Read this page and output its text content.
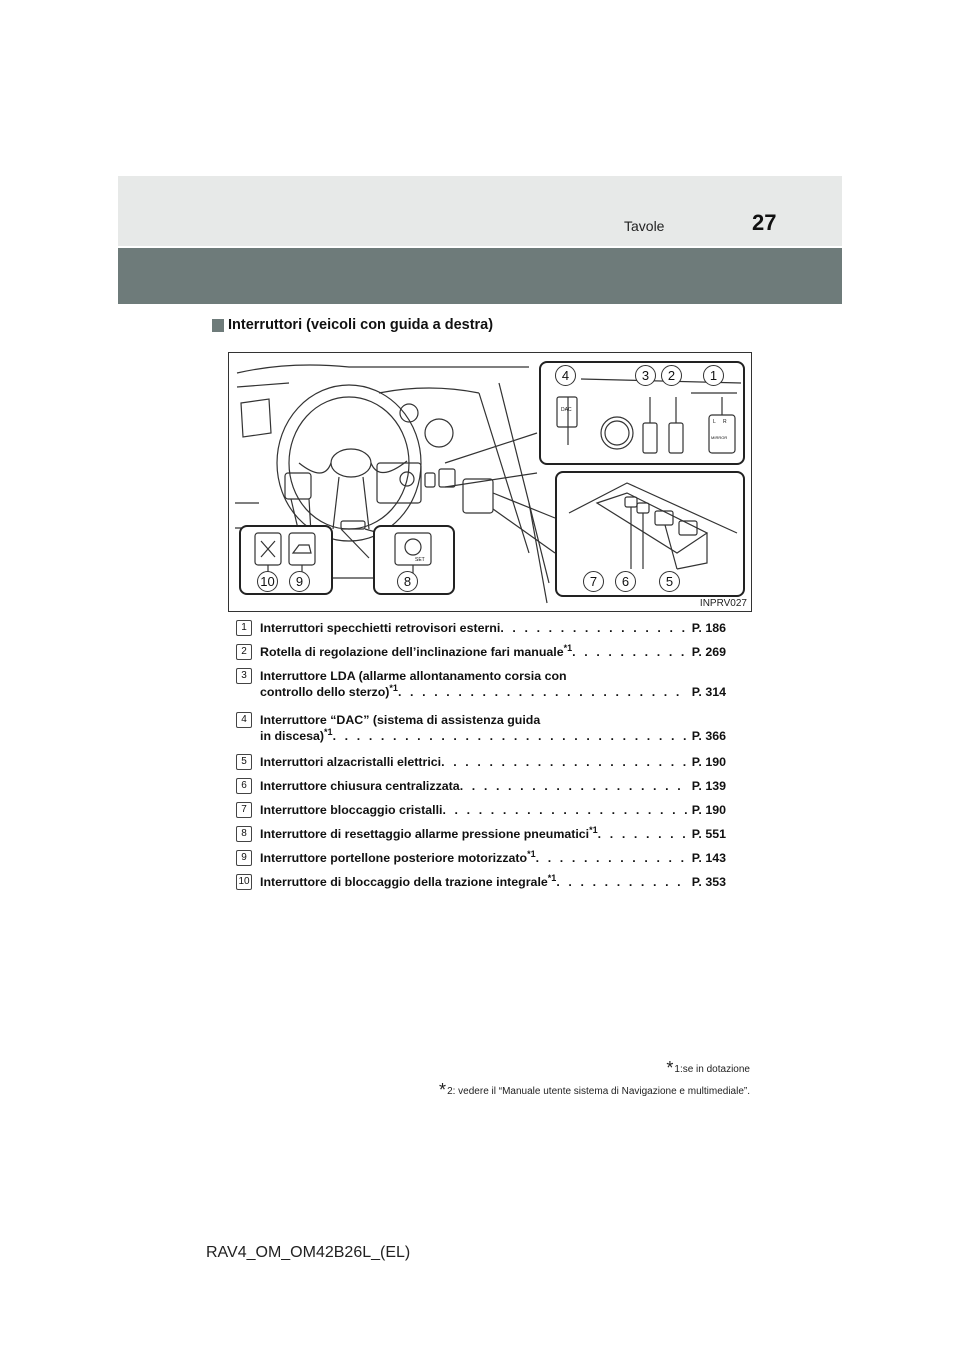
Tavole	27
Interruttori (veicoli con guida a destra)
DAC
L R
MIRROR
SET
1
2
3
4
5
6
7
8
9
10
INPRV027
1	Interruttori specchietti retrovisori esterni . . .	P. 186
2	Rotella di regolazione dell’inclinazione fari manuale$^{*1}$ . . .	P. 269
3	Interruttore LDA (allarme allontanamento corsia con
controllo dello sterzo)$^{*1}$ . . .	P. 314
4	Interruttore “DAC” (sistema di assistenza guida
in discesa)$^{*1}$ . . .	P. 366
5	Interruttori alzacristalli elettrici . . .	P. 190
6	Interruttore chiusura centralizzata . . .	P. 139
7	Interruttore bloccaggio cristalli . . .	P. 190
8	Interruttore di resettaggio allarme pressione pneumatici$^{*1}$ . . .	P. 551
9	Interruttore portellone posteriore motorizzato$^{*1}$ . . .	P. 143
10 Interruttore di bloccaggio della trazione integrale$^{*1}$ . . .	P. 353
*1:se in dotazione
*2: vedere il “Manuale utente sistema di Navigazione e multimediale”.
RAV4_OM_OM42B26L_(EL)
